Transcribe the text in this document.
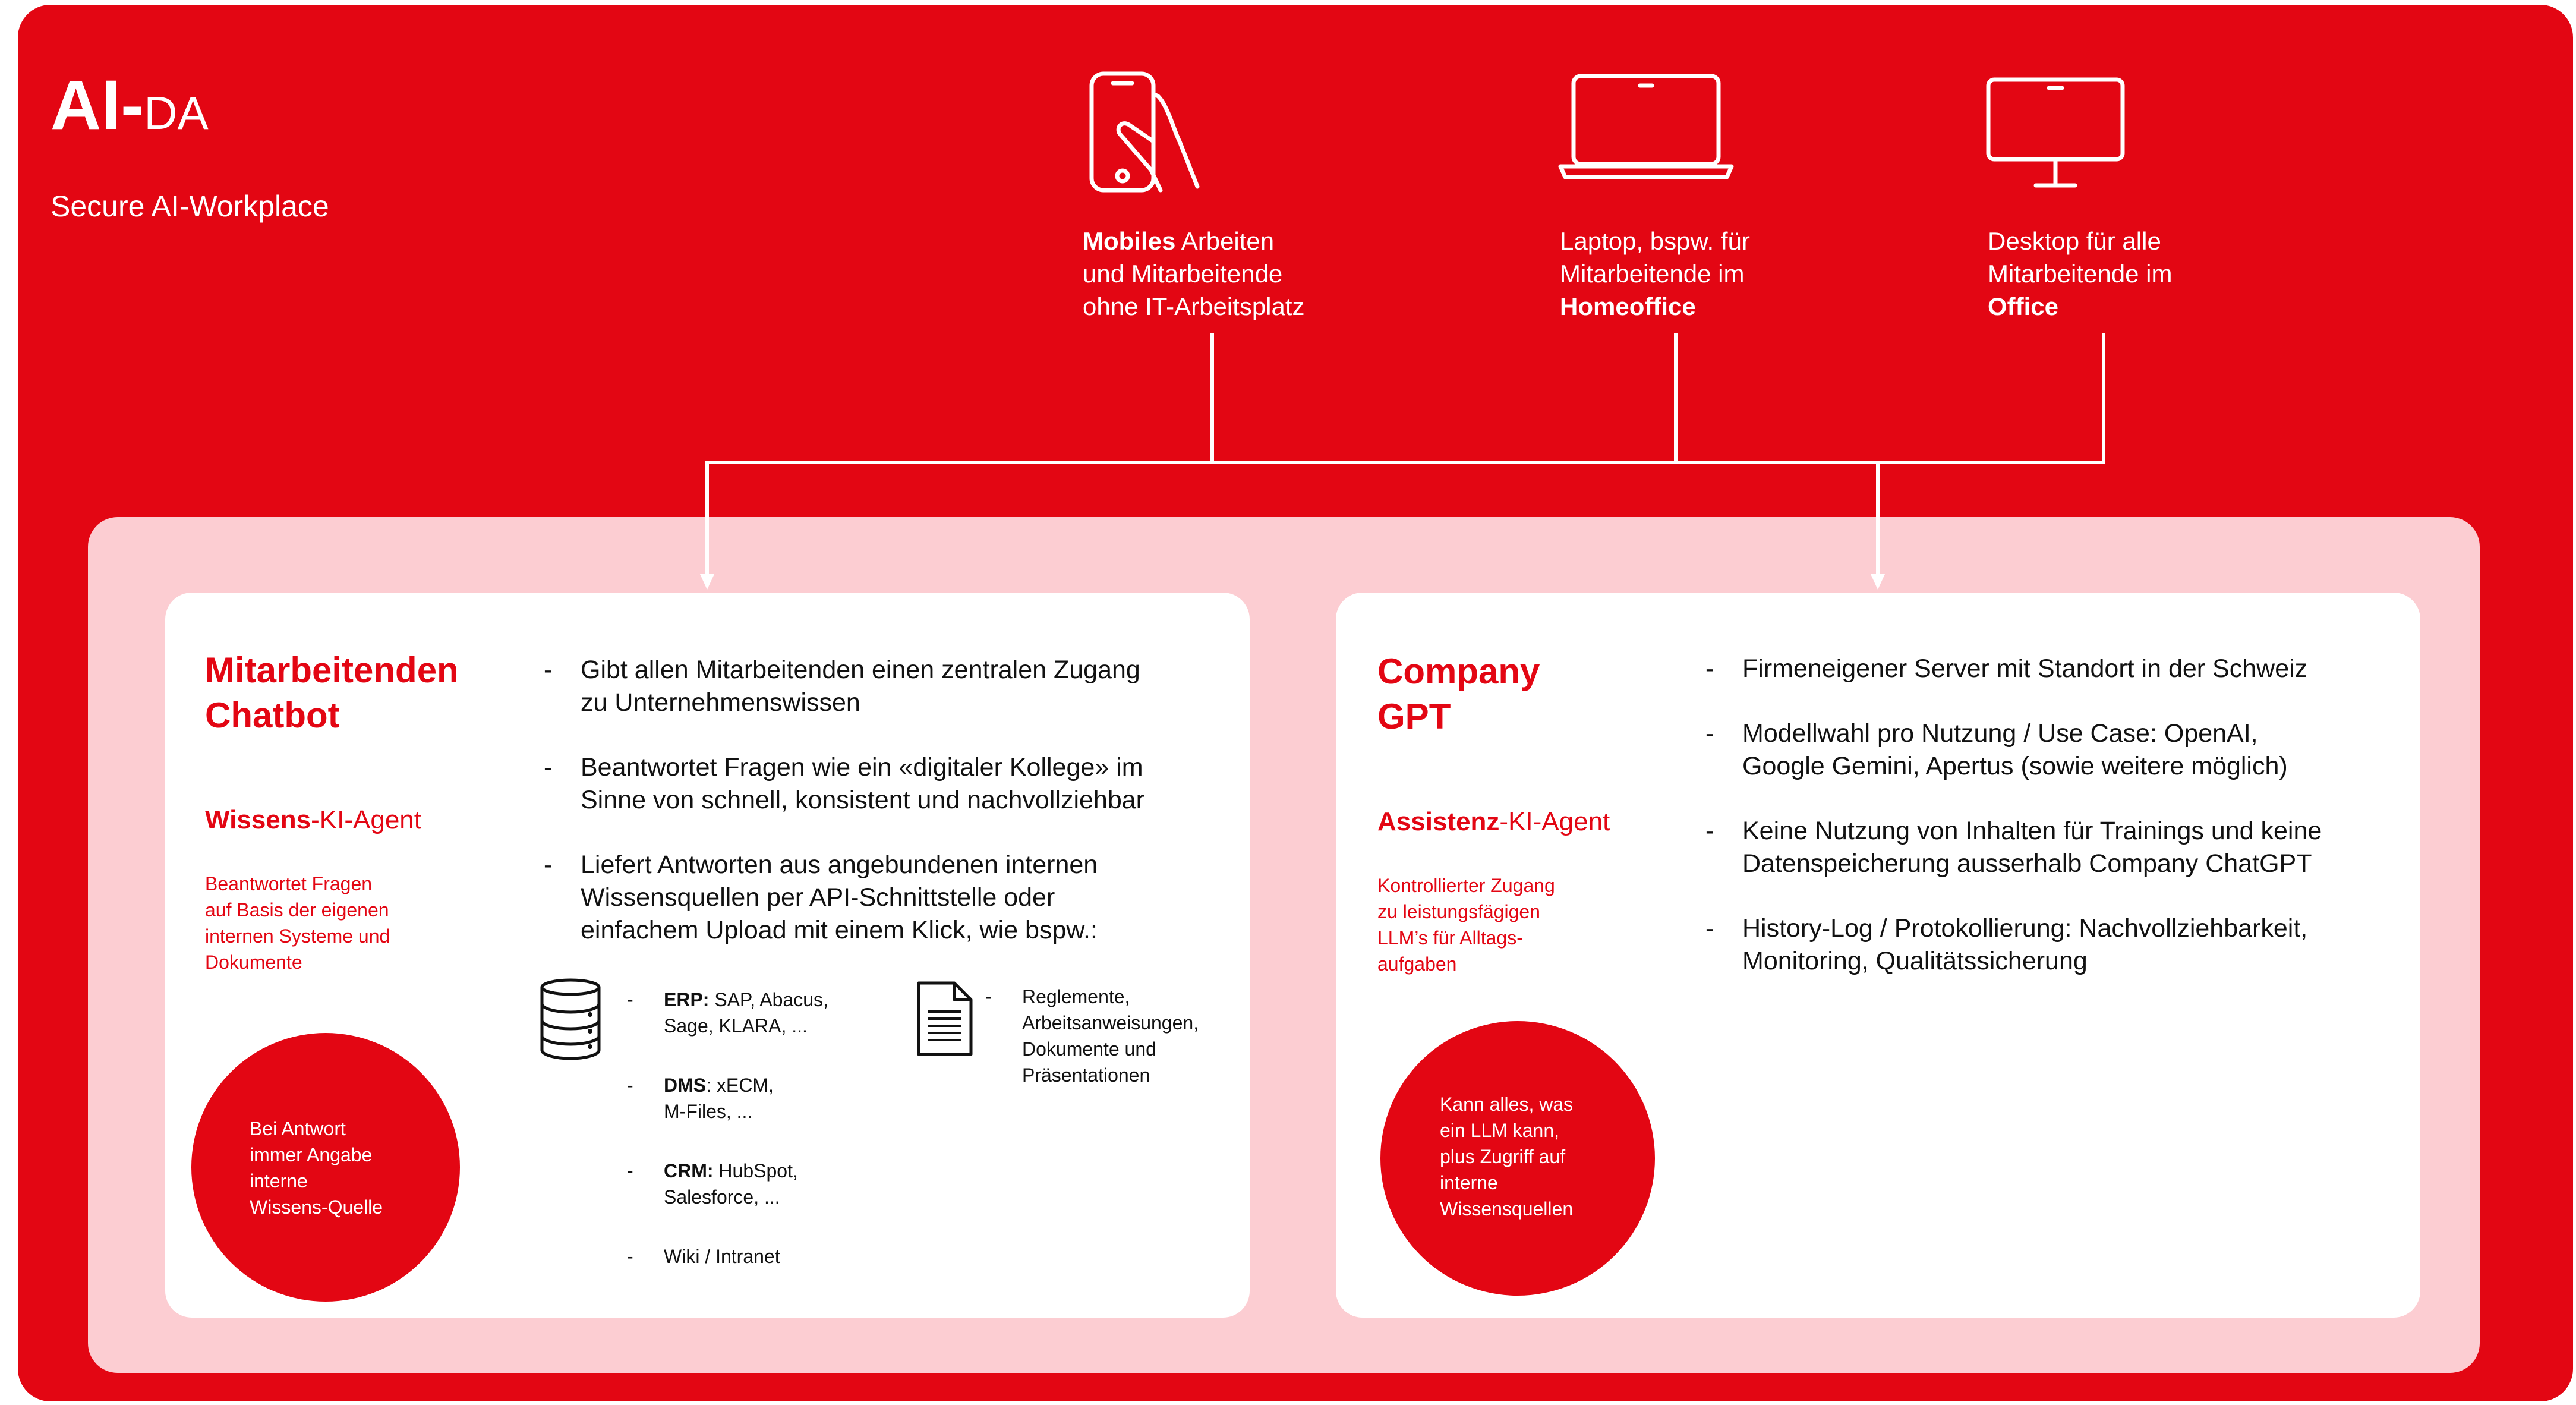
AI-DA
Secure AI-Workplace
Mobiles Arbeiten
und Mitarbeitende
ohne IT-Arbeitsplatz
Laptop, bspw. für
Mitarbeitende im
Homeoffice
Desktop für alle
Mitarbeitende im
Office
Mitarbeitenden
Chatbot
Wissens-KI-Agent
Beantwortet Fragen
auf Basis der eigenen
internen Systeme und
Dokumente
Bei Antwort
immer Angabe
interne
Wissens-Quelle
- Gibt allen Mitarbeitenden einen zentralen Zugang
zu Unternehmenswissen
- Beantwortet Fragen wie ein «digitaler Kollege» im
Sinne von schnell, konsistent und nachvollziehbar
- Liefert Antworten aus angebundenen internen
Wissensquellen per API-Schnittstelle oder
einfachem Upload mit einem Klick, wie bspw.:
- ERP: SAP, Abacus,
Sage, KLARA, ...
- DMS: xECM,
M-Files, ...
- CRM: HubSpot,
Salesforce, ...
- Wiki / Intranet
- Reglemente,
Arbeitsanweisungen,
Dokumente und
Präsentationen
Company
GPT
Assistenz-KI-Agent
Kontrollierter Zugang
zu leistungsfägigen
LLM’s für Alltags-
aufgaben
Kann alles, was
ein LLM kann,
plus Zugriff auf
interne
Wissensquellen
- Firmeneigener Server mit Standort in der Schweiz
- Modellwahl pro Nutzung / Use Case: OpenAI,
Google Gemini, Apertus (sowie weitere möglich)
- Keine Nutzung von Inhalten für Trainings und keine
Datenspeicherung ausserhalb Company ChatGPT
- History-Log / Protokollierung: Nachvollziehbarkeit,
Monitoring, Qualitätssicherung
